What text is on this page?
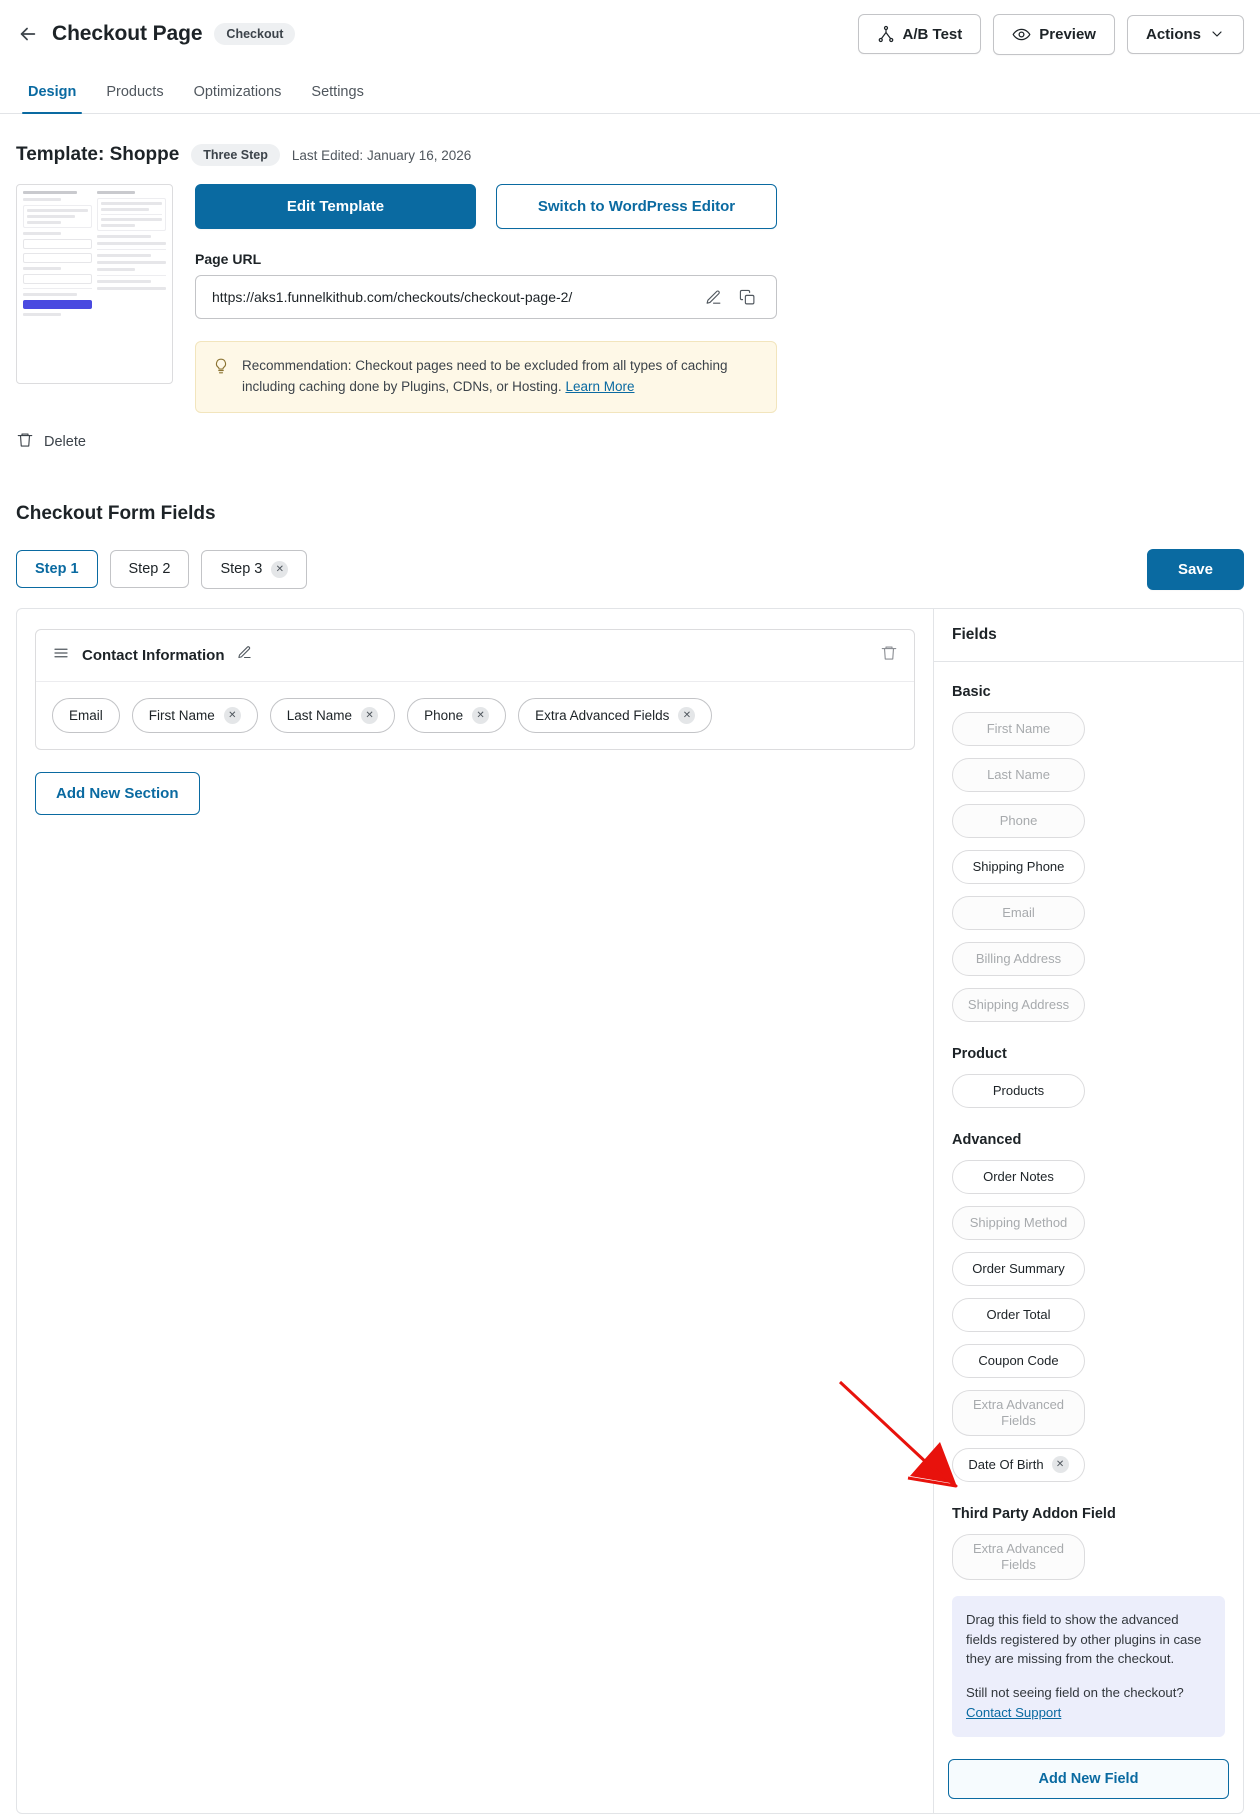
Checkout Page	Checkout	A/B Test	Preview	Actions
Design	Products	Optimizations	Settings
Template: Shoppe	Three Step	Last Edited: January 16, 2026
Edit Template	Switch to WordPress Editor
Page URL
https://aks1.funnelkithub.com/checkouts/checkout-page-2/
Recommendation: Checkout pages need to be excluded from all types of caching including caching done by Plugins, CDNs, or Hosting. Learn More
Delete
Checkout Form Fields
Step 1	Step 2	Step 3	✕	Save
Contact Information
Email	First Name	✕	Last Name	✕	Phone	✕	Extra Advanced Fields	✕
Add New Section
Fields
Basic
First Name
Last Name
Phone
Shipping Phone
Email
Billing Address
Shipping Address
Product
Products
Advanced
Order Notes
Shipping Method
Order Summary
Order Total
Coupon Code
Extra Advanced Fields
Date Of Birth	✕
Third Party Addon Field
Extra Advanced Fields

Drag this field to show the advanced fields registered by other plugins in case they are missing from the checkout.

Still not seeing field on the checkout?
Contact Support

Add New Field
